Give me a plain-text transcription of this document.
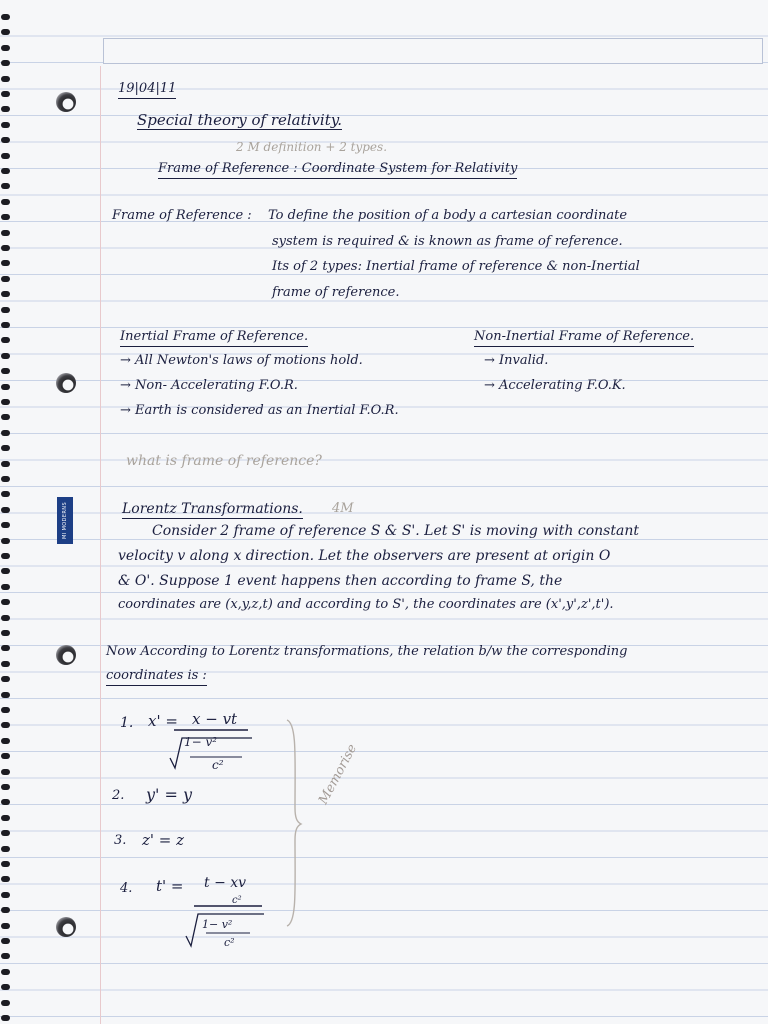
MI MODERNS
19|04|11
Special theory of relativity.
2 M definition + 2 types.
Frame of Reference : Coordinate System for Relativity
Frame of Reference : To define the position of a body a cartesian coordinate
system is required & is known as frame of reference.
Its of 2 types: Inertial frame of reference & non-Inertial
frame of reference.
Inertial Frame of Reference.
→ All Newton's laws of motions hold.
→ Non- Accelerating F.O.R.
→ Earth is considered as an Inertial F.O.R.
Non-Inertial Frame of Reference.
→ Invalid.
→ Accelerating F.O.K.
what is frame of reference?
Lorentz Transformations. 4M
Consider 2 frame of reference S & S'. Let S' is moving with constant
velocity v along x direction. Let the observers are present at origin O
& O'. Suppose 1 event happens then according to frame S, the
coordinates are (x,y,z,t) and according to S', the coordinates are (x',y',z',t').
Now According to Lorentz transformations, the relation b/w the corresponding
coordinates is :
1. x' = x − vt
1− v²
c²
2. y' = y
3. z' = z
4. t' = t − xv
c²
1− v²
c²
Memorise
